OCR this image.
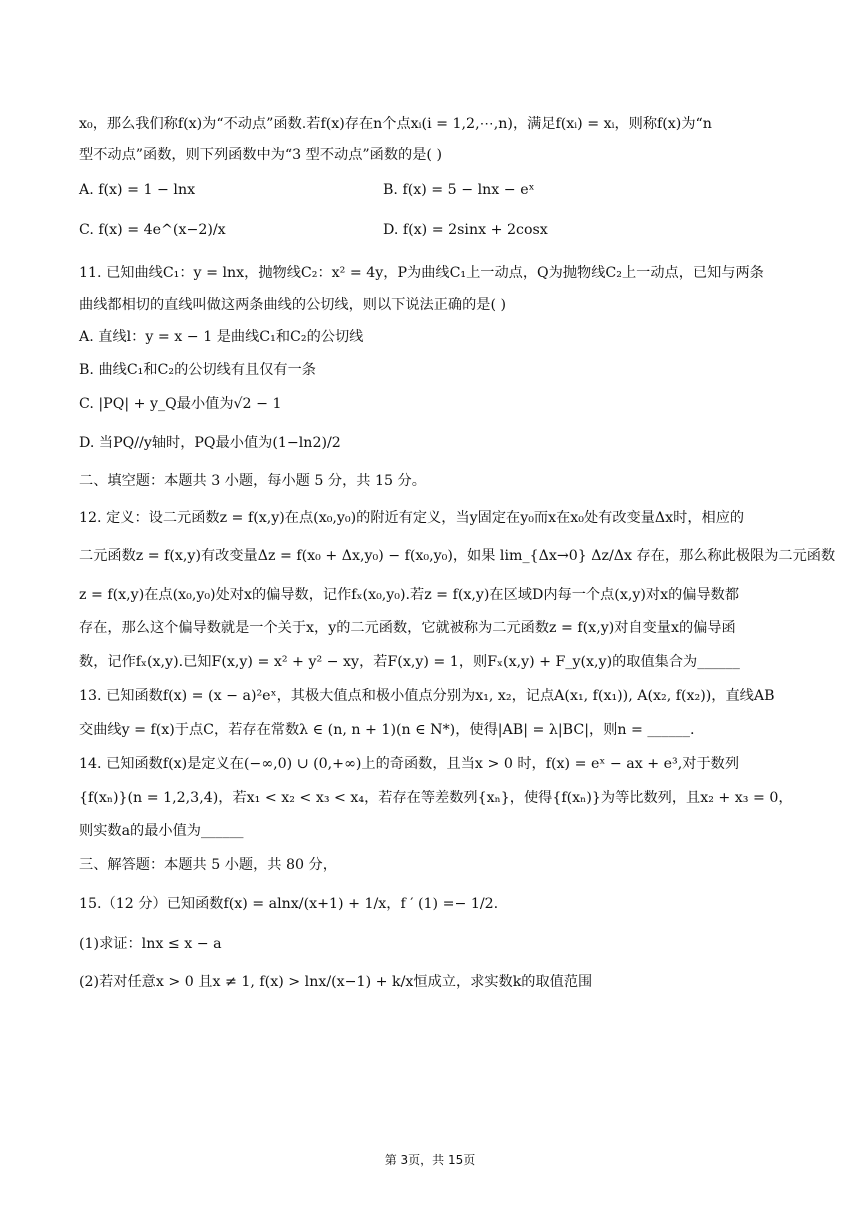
x₀，那么我们称f(x)为“不动点”函数.若f(x)存在n个点xᵢ(i = 1,2,⋯,n)，满足f(xᵢ) = xᵢ，则称f(x)为“n
型不动点”函数，则下列函数中为“3 型不动点”函数的是( )
A. f(x) = 1 − lnx	B. f(x) = 5 − lnx − eˣ
C. f(x) = 4e^(x−2)/x	D. f(x) = 2sinx + 2cosx
11. 已知曲线C₁：y = lnx，抛物线C₂：x² = 4y，P为曲线C₁上一动点，Q为抛物线C₂上一动点，已知与两条
曲线都相切的直线叫做这两条曲线的公切线，则以下说法正确的是( )
A. 直线l：y = x − 1 是曲线C₁和C₂的公切线
B. 曲线C₁和C₂的公切线有且仅有一条
C. |PQ| + y_Q最小值为√2 − 1
D. 当PQ//y轴时，PQ最小值为(1−ln2)/2
二、填空题：本题共 3 小题，每小题 5 分，共 15 分。
12. 定义：设二元函数z = f(x,y)在点(x₀,y₀)的附近有定义，当y固定在y₀而x在x₀处有改变量Δx时，相应的
二元函数z = f(x,y)有改变量Δz = f(x₀ + Δx,y₀) − f(x₀,y₀)，如果 lim_{Δx→0} Δz/Δx 存在，那么称此极限为二元函数
z = f(x,y)在点(x₀,y₀)处对x的偏导数，记作fₓ(x₀,y₀).若z = f(x,y)在区域D内每一个点(x,y)对x的偏导数都
存在，那么这个偏导数就是一个关于x，y的二元函数，它就被称为二元函数z = f(x,y)对自变量x的偏导函
数，记作fₓ(x,y).已知F(x,y) = x² + y² − xy，若F(x,y) = 1，则Fₓ(x,y) + F_y(x,y)的取值集合为______
13. 已知函数f(x) = (x − a)²eˣ，其极大值点和极小值点分别为x₁, x₂，记点A(x₁, f(x₁)), A(x₂, f(x₂))，直线AB
交曲线y = f(x)于点C，若存在常数λ ∈ (n, n + 1)(n ∈ N*)，使得|AB| = λ|BC|，则n = ______.
14. 已知函数f(x)是定义在(−∞,0) ∪ (0,+∞)上的奇函数，且当x > 0 时，f(x) = eˣ − ax + e³,对于数列
{f(xₙ)}(n = 1,2,3,4)，若x₁ < x₂ < x₃ < x₄，若存在等差数列{xₙ}，使得{f(xₙ)}为等比数列，且x₂ + x₃ = 0，
则实数a的最小值为______
三、解答题：本题共 5 小题，共 80 分，
15.（12 分）已知函数f(x) = alnx/(x+1) + 1/x，f ′ (1) =− 1/2.
(1)求证：lnx ≤ x − a
(2)若对任意x > 0 且x ≠ 1, f(x) > lnx/(x−1) + k/x恒成立，求实数k的取值范围
第 3页，共 15页
